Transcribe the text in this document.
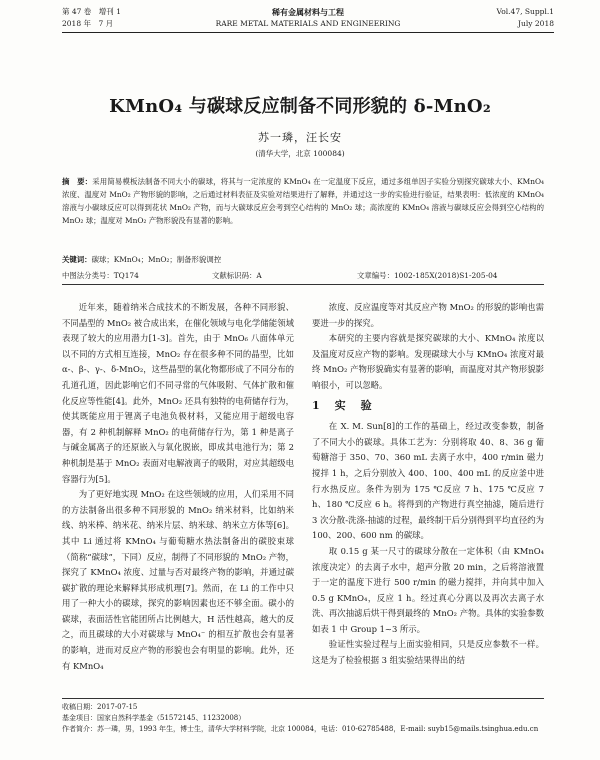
第 47 卷　增刊 1
2018 年　7 月
稀有金属材料与工程
RARE METAL MATERIALS AND ENGINEERING
Vol.47, Suppl.1
July 2018
KMnO₄ 与碳球反应制备不同形貌的 δ-MnO₂
苏一璘，汪长安
(清华大学，北京 100084)
摘　要：采用简易模板法制备不同大小的碳球，将其与一定浓度的 KMnO₄ 在一定温度下反应，通过多组单因子实验分别探究碳球大小、KMnO₄ 浓度、温度对 MnO₂ 产物形貌的影响，之后通过材料表征及实验对结果进行了解释，并通过这一步的实验进行验证，结果表明：低浓度的 KMnO₄ 溶液与小碳球反应可以得到花状 MnO₂ 产物，而与大碳球反应会考到空心结构的 MnO₂ 球；高浓度的 KMnO₄ 溶液与碳球反应会得到空心结构的 MnO₂ 球；温度对 MnO₂ 产物形貌没有显著的影响。
关键词：碳球；KMnO₄；MnO₂；制备形貌调控
中图法分类号：TQ174	文献标识码：A	文章编号：1002-185X(2018)S1-205-04

近年来，随着纳米合成技术的不断发展，各种不同形貌、不同晶型的 MnO₂ 被合成出来，在催化领域与电化学储能领域表现了较大的应用潜力[1-3]。首先，由于 MnO₆ 八面体单元以不同的方式相互连接，MnO₂ 存在很多种不同的晶型，比如 α-、β-、γ-、δ-MnO₂，这些晶型的氧化物都形成了不同分布的孔道孔道，因此影响它们不同寻常的气体吸附、气体扩散和催化反应等性能[4]。此外，MnO₂ 还具有独特的电荷储存行为，使其既能应用于锂离子电池负极材料，又能应用于超级电容器，有 2 种机制解释 MnO₂ 的电荷储存行为，第 1 种是离子与碱金属离子的还原嵌入与氧化脱嵌，即成其电池行为；第 2 种机制是基于 MnO₂ 表面对电解液离子的吸附，对应其超级电容器行为[5]。

为了更好地实现 MnO₂ 在这些领域的应用，人们采用不同的方法制备出很多种不同形貌的 MnO₂ 纳米材料，比如纳米线、纳米棒、纳米花、纳米片层、纳米球、纳米立方体等[6]。其中 Li 通过将 KMnO₄ 与葡萄糖水热法制备出的碳胶束球（简称“碳球”，下同）反应，制得了不同形貌的 MnO₂ 产物，探究了 KMnO₄ 浓度、过量与否对最终产物的影响，并通过碳碳扩散的理论来解释其形成机理[7]。然而，在 Li 的工作中只用了一种大小的碳球，探究的影响因素也还不够全面。碳小的碳球，表面活性官能团所占比例越大，H 活性越高，越大的反之，而且碳球的大小对碳球与 MnO₄⁻ 的相互扩散也会有显著的影响，进而对反应产物的形貌也会有明显的影响。此外，还有 KMnO₄

浓度、反应温度等对其反应产物 MnO₂ 的形貌的影响也需要进一步的探究。

本研究的主要内容就是探究碳球的大小、KMnO₄ 浓度以及温度对反应产物的影响。发现碳球大小与 KMnO₄ 浓度对最终 MnO₂ 产物形貌确实有显著的影响，而温度对其产物形貌影响很小，可以忽略。

1　实　验

在 X. M. Sun[8]的工作的基础上，经过改变参数，制备了不同大小的碳球。具体工艺为：分别将取 40、8、36 g 葡萄糖溶于 350、70、360 mL 去离子水中，400 r/min 磁力搅拌 1 h，之后分别放入 400、100、400 mL 的反应釜中进行水热反应。条件为别为 175 ℃反应 7 h、175 ℃反应 7 h、180 ℃反应 6 h。将得到的产物进行真空抽滤，随后进行 3 次分散-洗涤-抽滤的过程，最终制干后分别得到平均直径约为 100、200、600 nm 的碳球。

取 0.15 g 某一尺寸的碳球分散在一定体积（由 KMnO₄浓度决定）的去离子水中，超声分散 20 min，之后将溶液置于一定的温度下进行 500 r/min 的磁力搅拌，并向其中加入 0.5 g KMnO₄，反应 1 h。经过真心分离以及再次去离子水洗、再次抽滤后烘干得到最终的 MnO₂ 产物。具体的实验参数如表 1 中 Group 1~3 所示。

验证性实验过程与上面实验相同，只是反应参数不一样。这是为了检验根据 3 组实验结果得出的结

收稿日期：2017-07-15
基金项目：国家自然科学基金（51572145、11232008）
作者简介：苏一璘，男，1993 年生，博士生，清华大学材料学院，北京 100084，电话：010-62785488，E-mail: suyb15@mails.tsinghua.edu.cn
